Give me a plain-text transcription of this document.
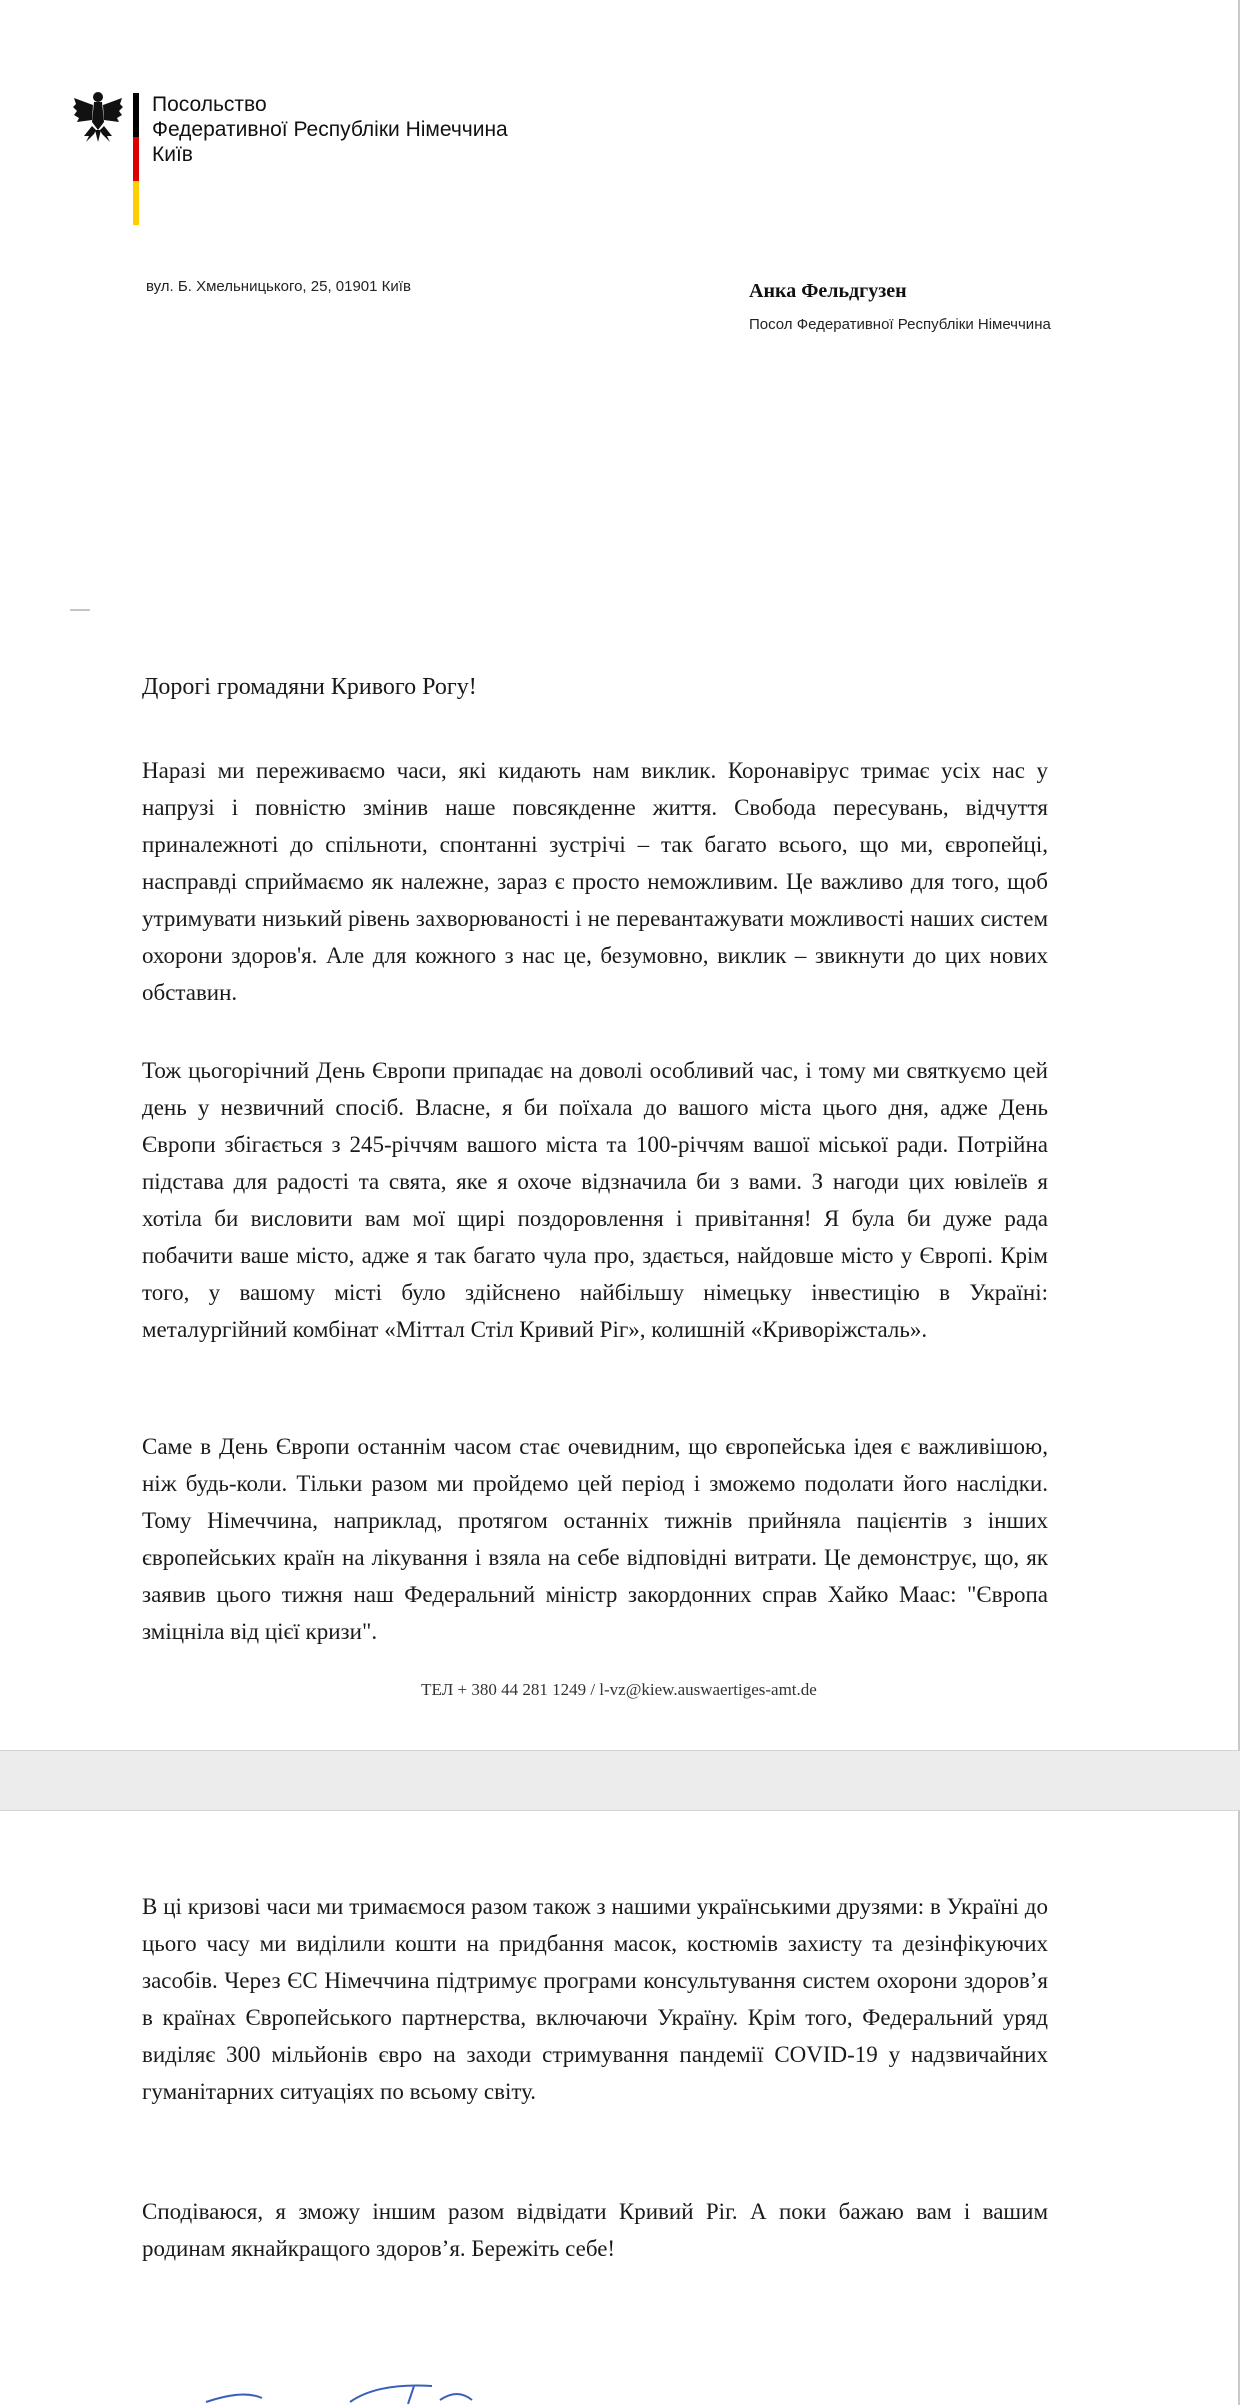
Посольство
Федеративної Республіки Німеччина
Київ
вул. Б. Хмельницького, 25, 01901 Київ	Анка Фельдгузен
Посол Федеративної Республіки Німеччина
Дорогі громадяни Кривого Рогу!

Наразі ми переживаємо часи, які кидають нам виклик. Коронавірус тримає усіх нас у напрузі і повністю змінив наше повсякденне життя. Свобода пересувань, відчуття приналежноті до спільноти, спонтанні зустрічі – так багато всього, що ми, європейці, насправді сприймаємо як належне, зараз є просто неможливим. Це важливо для того, щоб утримувати низький рівень захворюваності і не перевантажувати можливості наших систем охорони здоров'я. Але для кожного з нас це, безумовно, виклик – звикнути до цих нових обставин.

Тож цьогорічний День Європи припадає на доволі особливий час, і тому ми святкуємо цей день у незвичний спосіб. Власне, я би поїхала до вашого міста цього дня, адже День Європи збігається з 245-річчям вашого міста та 100-річчям вашої міської ради. Потрійна підстава для радості та свята, яке я охоче відзначила би з вами. З нагоди цих ювілеїв я хотіла би висловити вам мої щирі поздоровлення і привітання! Я була би дуже рада побачити ваше місто, адже я так багато чула про, здається, найдовше місто у Європі. Крім того, у вашому місті було здійснено найбільшу німецьку інвестицію в Україні: металургійний комбінат «Міттал Стіл Кривий Ріг», колишній «Криворіжсталь».

Саме в День Європи останнім часом стає очевидним, що європейська ідея є важливішою, ніж будь-коли. Тільки разом ми пройдемо цей період і зможемо подолати його наслідки. Тому Німеччина, наприклад, протягом останніх тижнів прийняла пацієнтів з інших європейських країн на лікування і взяла на себе відповідні витрати. Це демонструє, що, як заявив цього тижня наш Федеральний міністр закордонних справ Хайко Маас: "Європа зміцніла від цієї кризи".

ТЕЛ + 380 44 281 1249 / l-vz@kiew.auswaertiges-amt.de

В ці кризові часи ми тримаємося разом також з нашими українськими друзями: в Україні до цього часу ми виділили кошти на придбання масок, костюмів захисту та дезінфікуючих засобів. Через ЄС Німеччина підтримує програми консультування систем охорони здоров’я в країнах Європейського партнерства, включаючи Україну. Крім того, Федеральний уряд виділяє 300 мільйонів євро на заходи стримування пандемії COVID-19 у надзвичайних гуманітарних ситуаціях по всьому світу.

Сподіваюся, я зможу іншим разом відвідати Кривий Ріг. А поки бажаю вам і вашим родинам якнайкращого здоров’я. Бережіть себе!
